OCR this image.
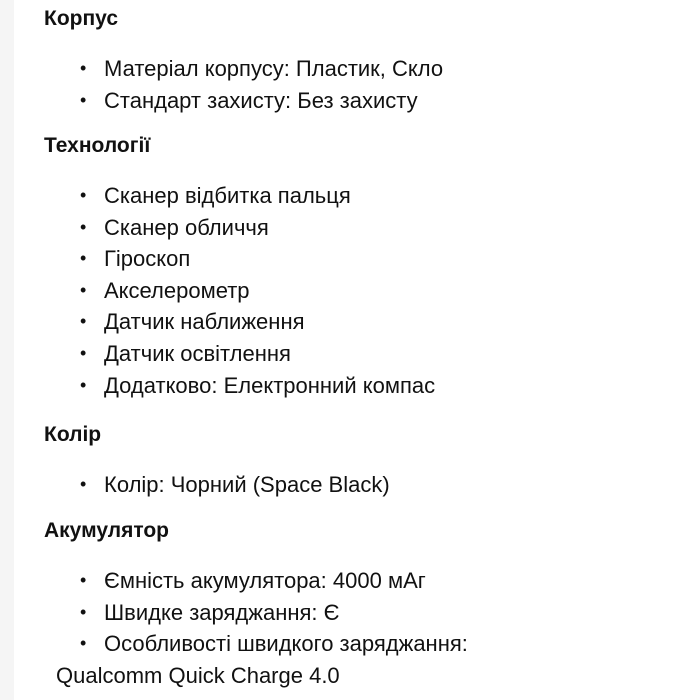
Корпус
• Матеріал корпусу: Пластик, Скло
• Стандарт захисту: Без захисту
Технології
• Сканер відбитка пальця
• Сканер обличчя
• Гіроскоп
• Акселерометр
• Датчик наближення
• Датчик освітлення
• Додатково: Електронний компас
Колір
• Колір: Чорний (Space Black)
Акумулятор
• Ємність акумулятора: 4000 мАг
• Швидке заряджання: Є
• Особливості швидкого заряджання:
Qualcomm Quick Charge 4.0
